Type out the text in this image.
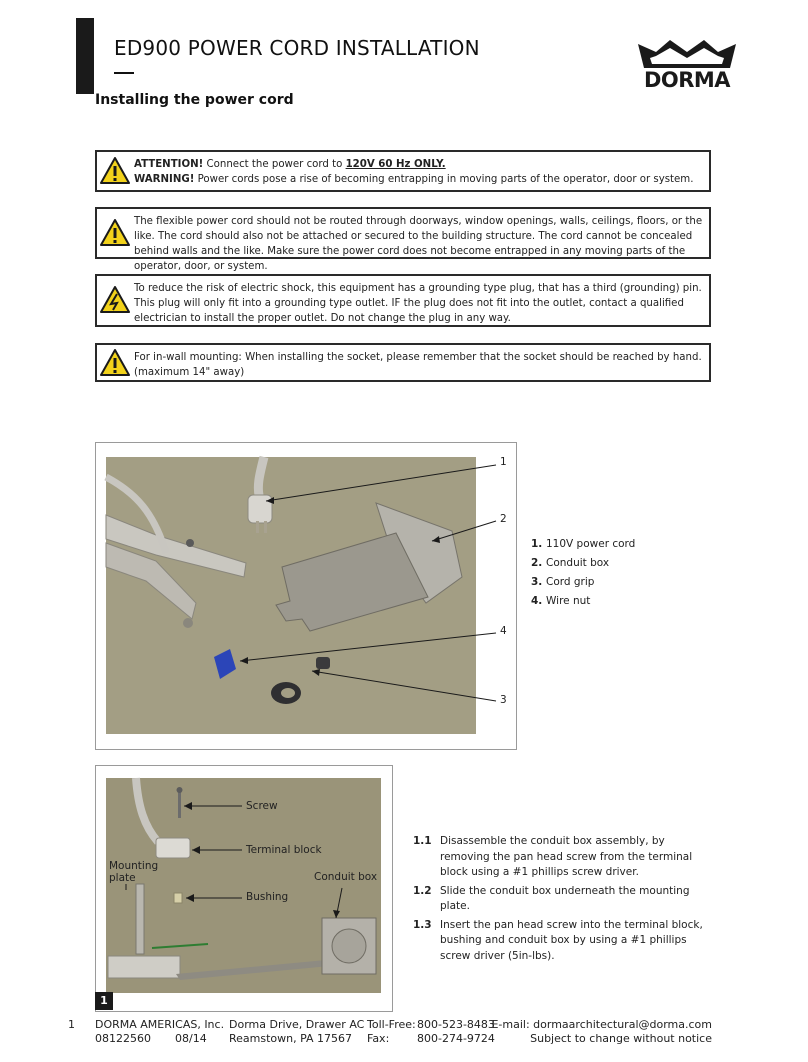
ED900 POWER CORD INSTALLATION
DORMA
Installing the power cord
ATTENTION! Connect the power cord to 120V 60 Hz ONLY.
WARNING! Power cords pose a rise of becoming entrapping in moving parts of the operator, door or system.
The flexible power cord should not be routed through doorways, window openings, walls, ceilings, floors, or the like. The cord should also not be attached or secured to the building structure. The cord cannot be concealed behind walls and the like. Make sure the power cord does not become entrapped in any moving parts of the operator, door, or system.
To reduce the risk of electric shock, this equipment has a grounding type plug, that has a third (grounding) pin. This plug will only fit into a grounding type outlet. IF the plug does not fit into the outlet, contact a qualified electrician to install the proper outlet. Do not change the plug in any way.
For in-wall mounting: When installing the socket, please remember that the socket should be reached by hand. (maximum 14" away)
1
2
4
3
1. 110V power cord
2. Conduit box
3. Cord grip
4. Wire nut
Screw
Terminal block
Mounting
plate	Conduit box
Bushing
1
1.1 Disassemble the conduit box assembly, by removing the pan head screw from the terminal block using a #1 phillips screw driver.
1.2 Slide the conduit box underneath the mounting plate.
1.3 Insert the pan head screw into the terminal block, bushing and conduit box by using a #1 phillips screw driver (5in-lbs).
1 DORMA AMERICAS, Inc.
08122560 08/14
Dorma Drive, Drawer AC
Reamstown, PA 17567
Toll-Free: 800-523-8483
Fax:	800-274-9724
E-mail: dormaarchitectural@dorma.com
Subject to change without notice
